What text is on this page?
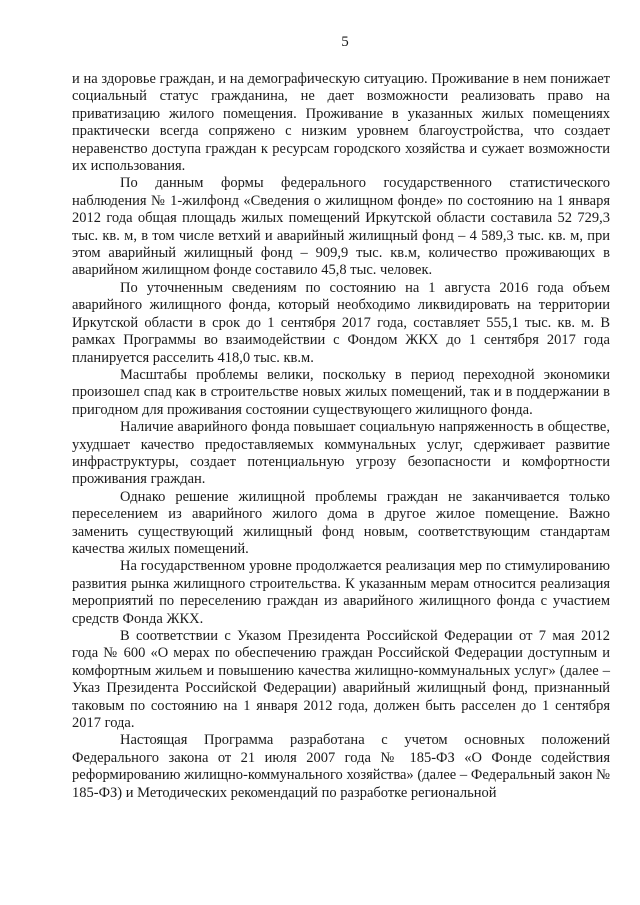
5

и на здоровье граждан, и на демографическую ситуацию. Проживание в нем понижает социальный статус гражданина, не дает возможности реализовать право на приватизацию жилого помещения. Проживание в указанных жилых помещениях практически всегда сопряжено с низким уровнем благоустройства, что создает неравенство доступа граждан к ресурсам городского хозяйства и сужает возможности их использования.

По данным формы федерального государственного статистического наблюдения № 1-жилфонд «Сведения о жилищном фонде» по состоянию на 1 января 2012 года общая площадь жилых помещений Иркутской области составила 52 729,3 тыс. кв. м, в том числе ветхий и аварийный жилищный фонд – 4 589,3 тыс. кв. м, при этом аварийный жилищный фонд – 909,9 тыс. кв.м, количество проживающих в аварийном жилищном фонде составило 45,8 тыс. человек.

По уточненным сведениям по состоянию на 1 августа 2016 года объем аварийного жилищного фонда, который необходимо ликвидировать на территории Иркутской области в срок до 1 сентября 2017 года, составляет 555,1 тыс. кв. м. В рамках Программы во взаимодействии с Фондом ЖКХ до 1 сентября 2017 года планируется расселить 418,0 тыс. кв.м.

Масштабы проблемы велики, поскольку в период переходной экономики произошел спад как в строительстве новых жилых помещений, так и в поддержании в пригодном для проживания состоянии существующего жилищного фонда.

Наличие аварийного фонда повышает социальную напряженность в обществе, ухудшает качество предоставляемых коммунальных услуг, сдерживает развитие инфраструктуры, создает потенциальную угрозу безопасности и комфортности проживания граждан.

Однако решение жилищной проблемы граждан не заканчивается только переселением из аварийного жилого дома в другое жилое помещение. Важно заменить существующий жилищный фонд новым, соответствующим стандартам качества жилых помещений.

На государственном уровне продолжается реализация мер по стимулированию развития рынка жилищного строительства. К указанным мерам относится реализация мероприятий по переселению граждан из аварийного жилищного фонда с участием средств Фонда ЖКХ.

В соответствии с Указом Президента Российской Федерации от 7 мая 2012 года № 600 «О мерах по обеспечению граждан Российской Федерации доступным и комфортным жильем и повышению качества жилищно-коммунальных услуг» (далее – Указ Президента Российской Федерации) аварийный жилищный фонд, признанный таковым по состоянию на 1 января 2012 года, должен быть расселен до 1 сентября 2017 года.

Настоящая Программа разработана с учетом основных положений Федерального закона от 21 июля 2007 года № 185-ФЗ «О Фонде содействия реформированию жилищно-коммунального хозяйства» (далее – Федеральный закон № 185-ФЗ) и Методических рекомендаций по разработке региональной
